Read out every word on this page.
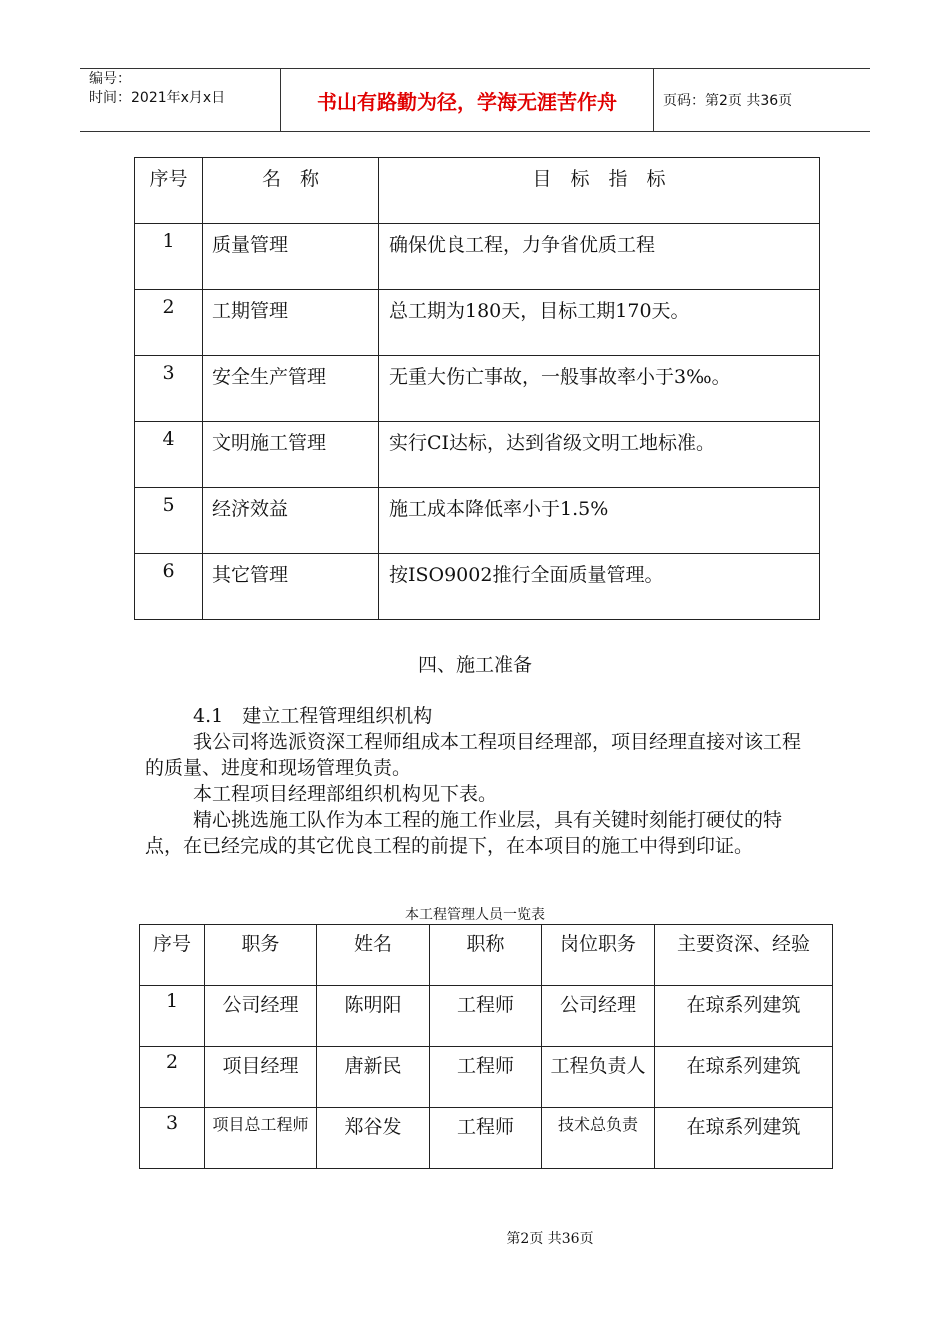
编号：
时间：2021年x月x日	书山有路勤为径，学海无涯苦作舟	页码：第2页 共36页
序号	名　称	目　标　指　标
1	质量管理	确保优良工程，力争省优质工程
2	工期管理	总工期为180天，目标工期170天。
3	安全生产管理	无重大伤亡事故，一般事故率小于3‰。
4	文明施工管理	实行CI达标，达到省级文明工地标准。
5	经济效益	施工成本降低率小于1.5%
6	其它管理	按ISO9002推行全面质量管理。
四、施工准备
4.1　建立工程管理组织机构
我公司将选派资深工程师组成本工程项目经理部，项目经理直接对该工程的质量、进度和现场管理负责。
本工程项目经理部组织机构见下表。
精心挑选施工队作为本工程的施工作业层，具有关键时刻能打硬仗的特点，在已经完成的其它优良工程的前提下，在本项目的施工中得到印证。
本工程管理人员一览表
序号	职务	姓名	职称	岗位职务	主要资深、经验
1	公司经理	陈明阳	工程师	公司经理	在琼系列建筑
2	项目经理	唐新民	工程师	工程负责人	在琼系列建筑
3	项目总工程师	郑谷发	工程师	技术总负责	在琼系列建筑
第2页 共36页
